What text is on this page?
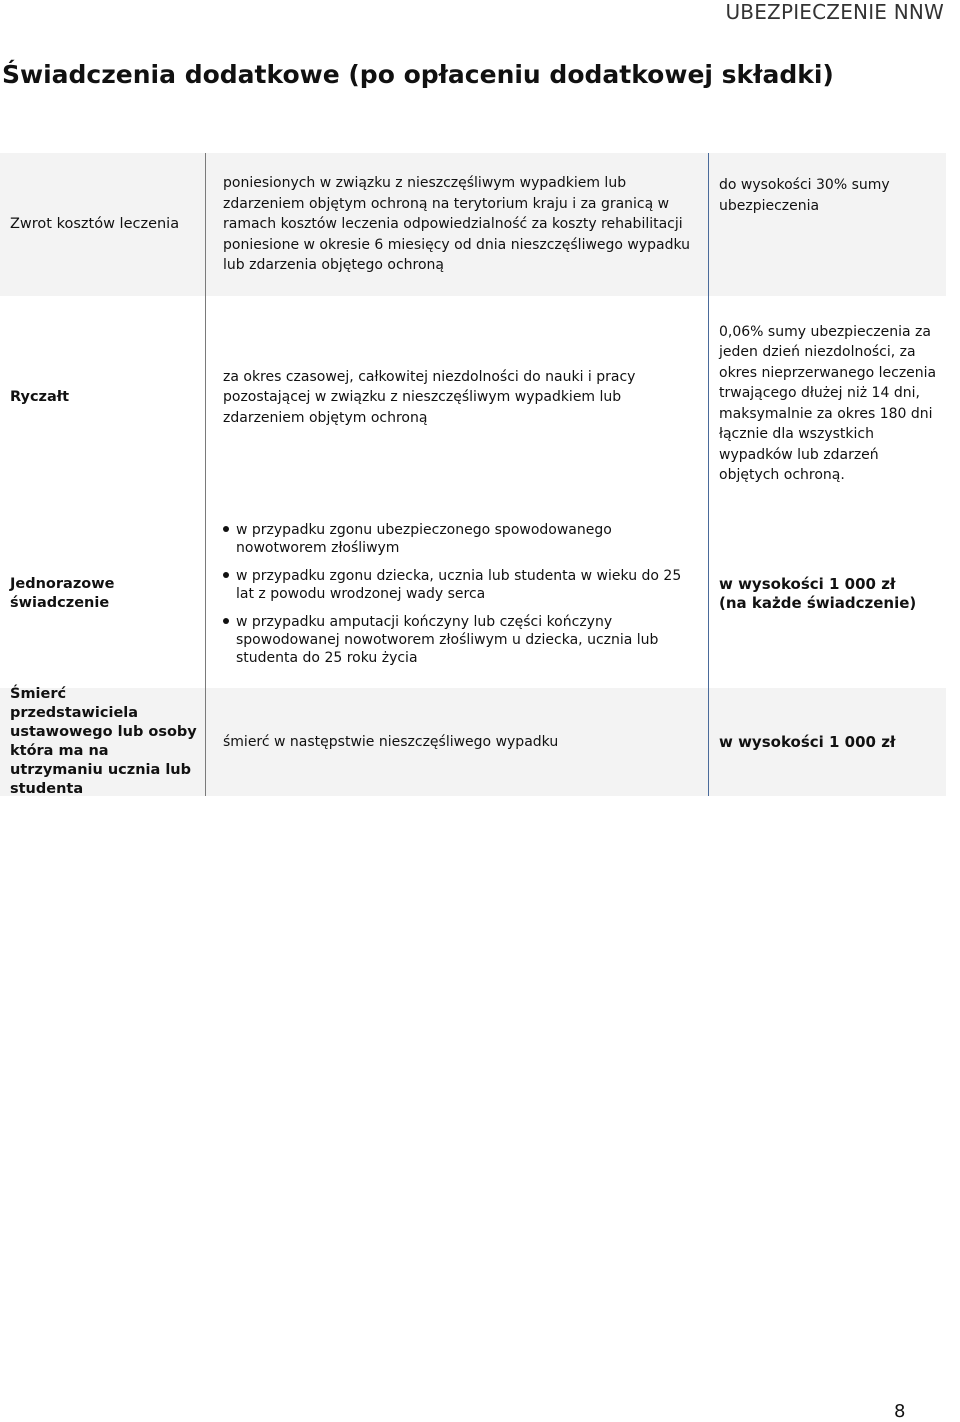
UBEZPIECZENIE NNW
Świadczenia dodatkowe (po opłaceniu dodatkowej składki)
Zwrot kosztów leczenia
poniesionych w związku z nieszczęśliwym wypadkiem lub zdarzeniem objętym ochroną na terytorium kraju i za granicą w ramach kosztów leczenia odpowiedzialność za koszty rehabilitacji poniesione w okresie 6 miesięcy od dnia nieszczęśliwego wypadku lub zdarzenia objętego ochroną
do wysokości 30% sumy ubezpieczenia
Ryczałt
za okres czasowej, całkowitej niezdolności do nauki i pracy pozostającej w związku z nieszczęśliwym wypadkiem lub zdarzeniem objętym ochroną
0,06% sumy ubezpieczenia za jeden dzień niezdolności, za okres nieprzerwanego leczenia trwającego dłużej niż 14 dni, maksymalnie za okres 180 dni łącznie dla wszystkich wypadków lub zdarzeń objętych ochroną.
Jednorazowe świadczenie
w przypadku zgonu ubezpieczonego spowodowanego nowotworem złośliwym
w przypadku zgonu dziecka, ucznia lub studenta w wieku do 25 lat z powodu wrodzonej wady serca
w przypadku amputacji kończyny lub części kończyny spowodowanej nowotworem złośliwym u dziecka, ucznia lub studenta do 25 roku życia
w wysokości 1 000 zł
(na każde świadczenie)
Śmierć przedstawiciela ustawowego lub osoby która ma na utrzymaniu ucznia lub studenta
śmierć w następstwie nieszczęśliwego wypadku	w wysokości 1 000 zł
8
